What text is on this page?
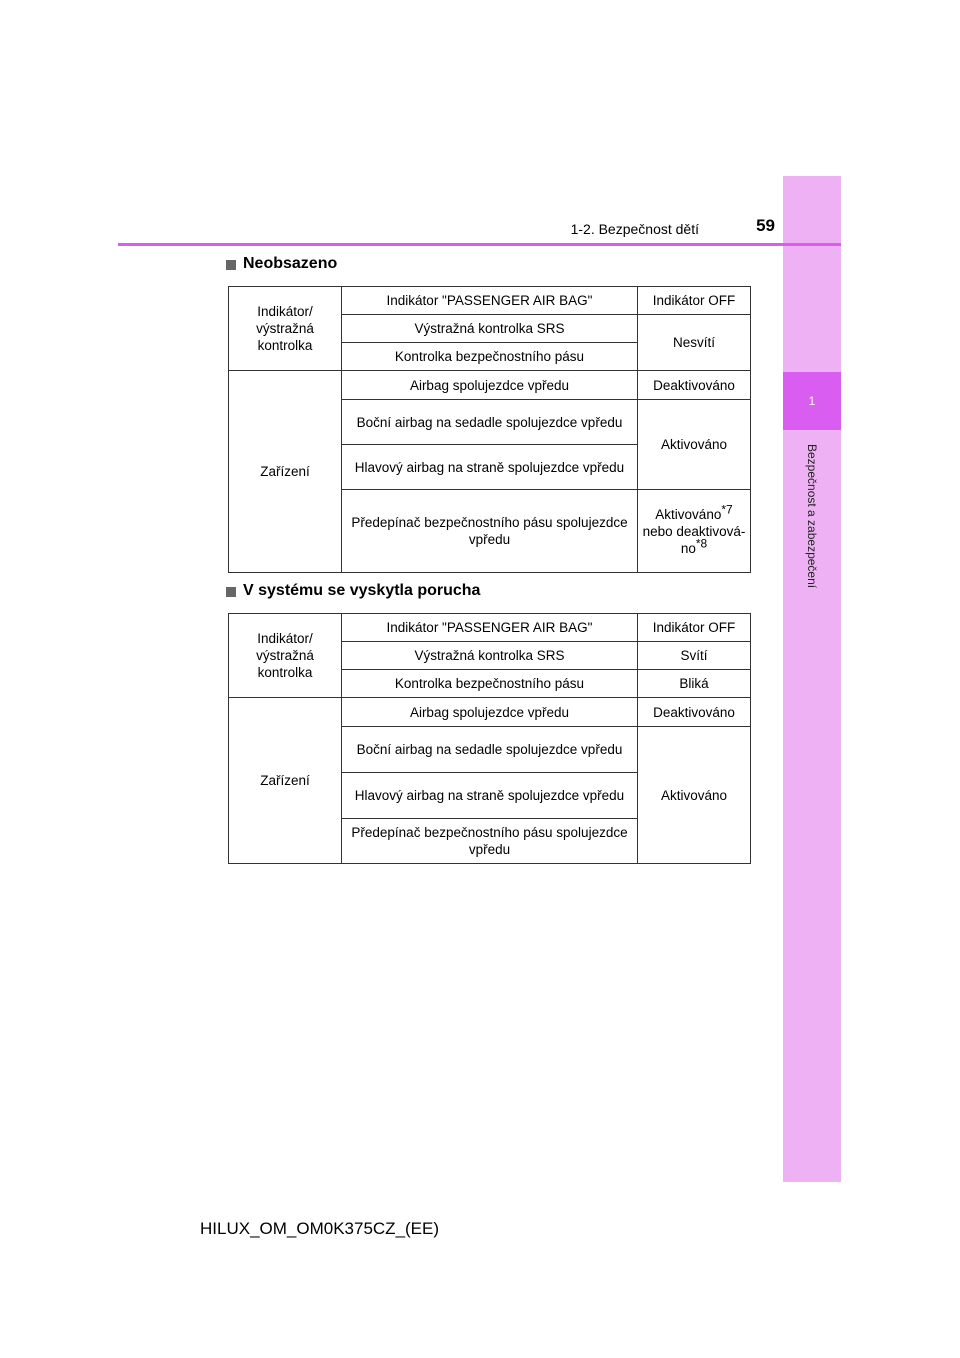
1
Bezpečnost a zabezpečení
1-2. Bezpečnost dětí	59
Neobsazeno
Indikátor/ výstražná kontrolka	Indikátor "PASSENGER AIR BAG"	Indikátor OFF
	Výstražná kontrolka SRS	Nesvítí
	Kontrolka bezpečnostního pásu	
Zařízení	Airbag spolujezdce vpředu	Deaktivováno
	Boční airbag na sedadle spolujezdce vpředu	Aktivováno
	Hlavový airbag na straně spolujezdce vpředu	
	Předepínač bezpečnostního pásu spolujezdce vpředu	Aktivováno$^{*7}$
nebo deaktivová-
$no^{*8}$
V systému se vyskytla porucha
Indikátor/ výstražná kontrolka	Indikátor "PASSENGER AIR BAG"	Indikátor OFF
	Výstražná kontrolka SRS	Svítí
	Kontrolka bezpečnostního pásu	Bliká
Zařízení	Airbag spolujezdce vpředu	Deaktivováno
	Boční airbag na sedadle spolujezdce vpředu	Aktivováno
	Hlavový airbag na straně spolujezdce vpředu	
	Předepínač bezpečnostního pásu spolujezdce vpředu	
HILUX_OM_OM0K375CZ_(EE)
